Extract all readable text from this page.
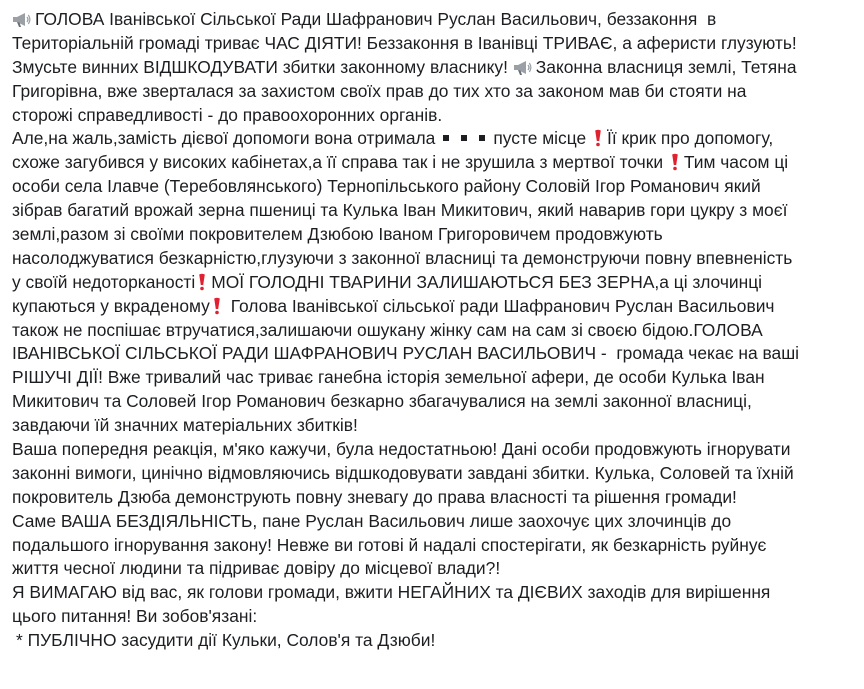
ГОЛОВА Іванівської Сільської Ради Шафранович Руслан Васильович, беззаконня  в
Територіальній громаді триває ЧАС ДІЯТИ! Беззаконня в Іванівці ТРИВАЄ, а аферисти глузують!
Змусьте винних ВІДШКОДУВАТИ збитки законному власнику! Законна власниця землі, Тетяна
Григорівна, вже зверталася за захистом своїх прав до тих хто за законом мав би стояти на
сторожі справедливості - до правоохоронних органів.
Але,на жаль,замість дієвої допомоги вона отримала	пусте місце Її крик про допомогу,
схоже загубився у високих кабінетах,а її справа так і не зрушила з мертвої точки Тим часом ці
особи села Ілавче (Теребовлянського) Тернопільського району Соловій Ігор Романович який
зібрав багатий врожай зерна пшениці та Кулька Іван Микитович, який наварив гори цукру з моєї
землі,разом зі своїми покровителем Дзюбою Іваном Григоровичем продовжують
насолоджуватися безкарністю,глузуючи з законної власниці та демонструючи повну впевненість
у своїй недоторканості МОЇ ГОЛОДНІ ТВАРИНИ ЗАЛИШАЮТЬСЯ БЕЗ ЗЕРНА,а ці злочинці
купаються у вкраденому Голова Іванівської сільської ради Шафранович Руслан Васильович
також не поспішає втручатися,залишаючи ошукану жінку сам на сам зі своєю бідою.ГОЛОВА
ІВАНІВСЬКОЇ СІЛЬСЬКОЇ РАДИ ШАФРАНОВИЧ РУСЛАН ВАСИЛЬОВИЧ -  громада чекає на ваші
РІШУЧІ ДІЇ! Вже тривалий час триває ганебна історія земельної афери, де особи Кулька Іван
Микитович та Соловей Ігор Романович безкарно збагачувалися на землі законної власниці,
завдаючи їй значних матеріальних збитків!
Ваша попередня реакція, м'яко кажучи, була недостатньою! Дані особи продовжують ігнорувати
законні вимоги, цинічно відмовляючись відшкодовувати завдані збитки. Кулька, Соловей та їхній
покровитель Дзюба демонструють повну зневагу до права власності та рішення громади!
Саме ВАША БЕЗДІЯЛЬНІСТЬ, пане Руслан Васильович лише заохочує цих злочинців до
подальшого ігнорування закону! Невже ви готові й надалі спостерігати, як безкарність руйнує
життя чесної людини та підриває довіру до місцевої влади?!
Я ВИМАГАЮ від вас, як голови громади, вжити НЕГАЙНИХ та ДІЄВИХ заходів для вирішення
цього питання! Ви зобов'язані:
* ПУБЛІЧНО засудити дії Кульки, Солов'я та Дзюби!
